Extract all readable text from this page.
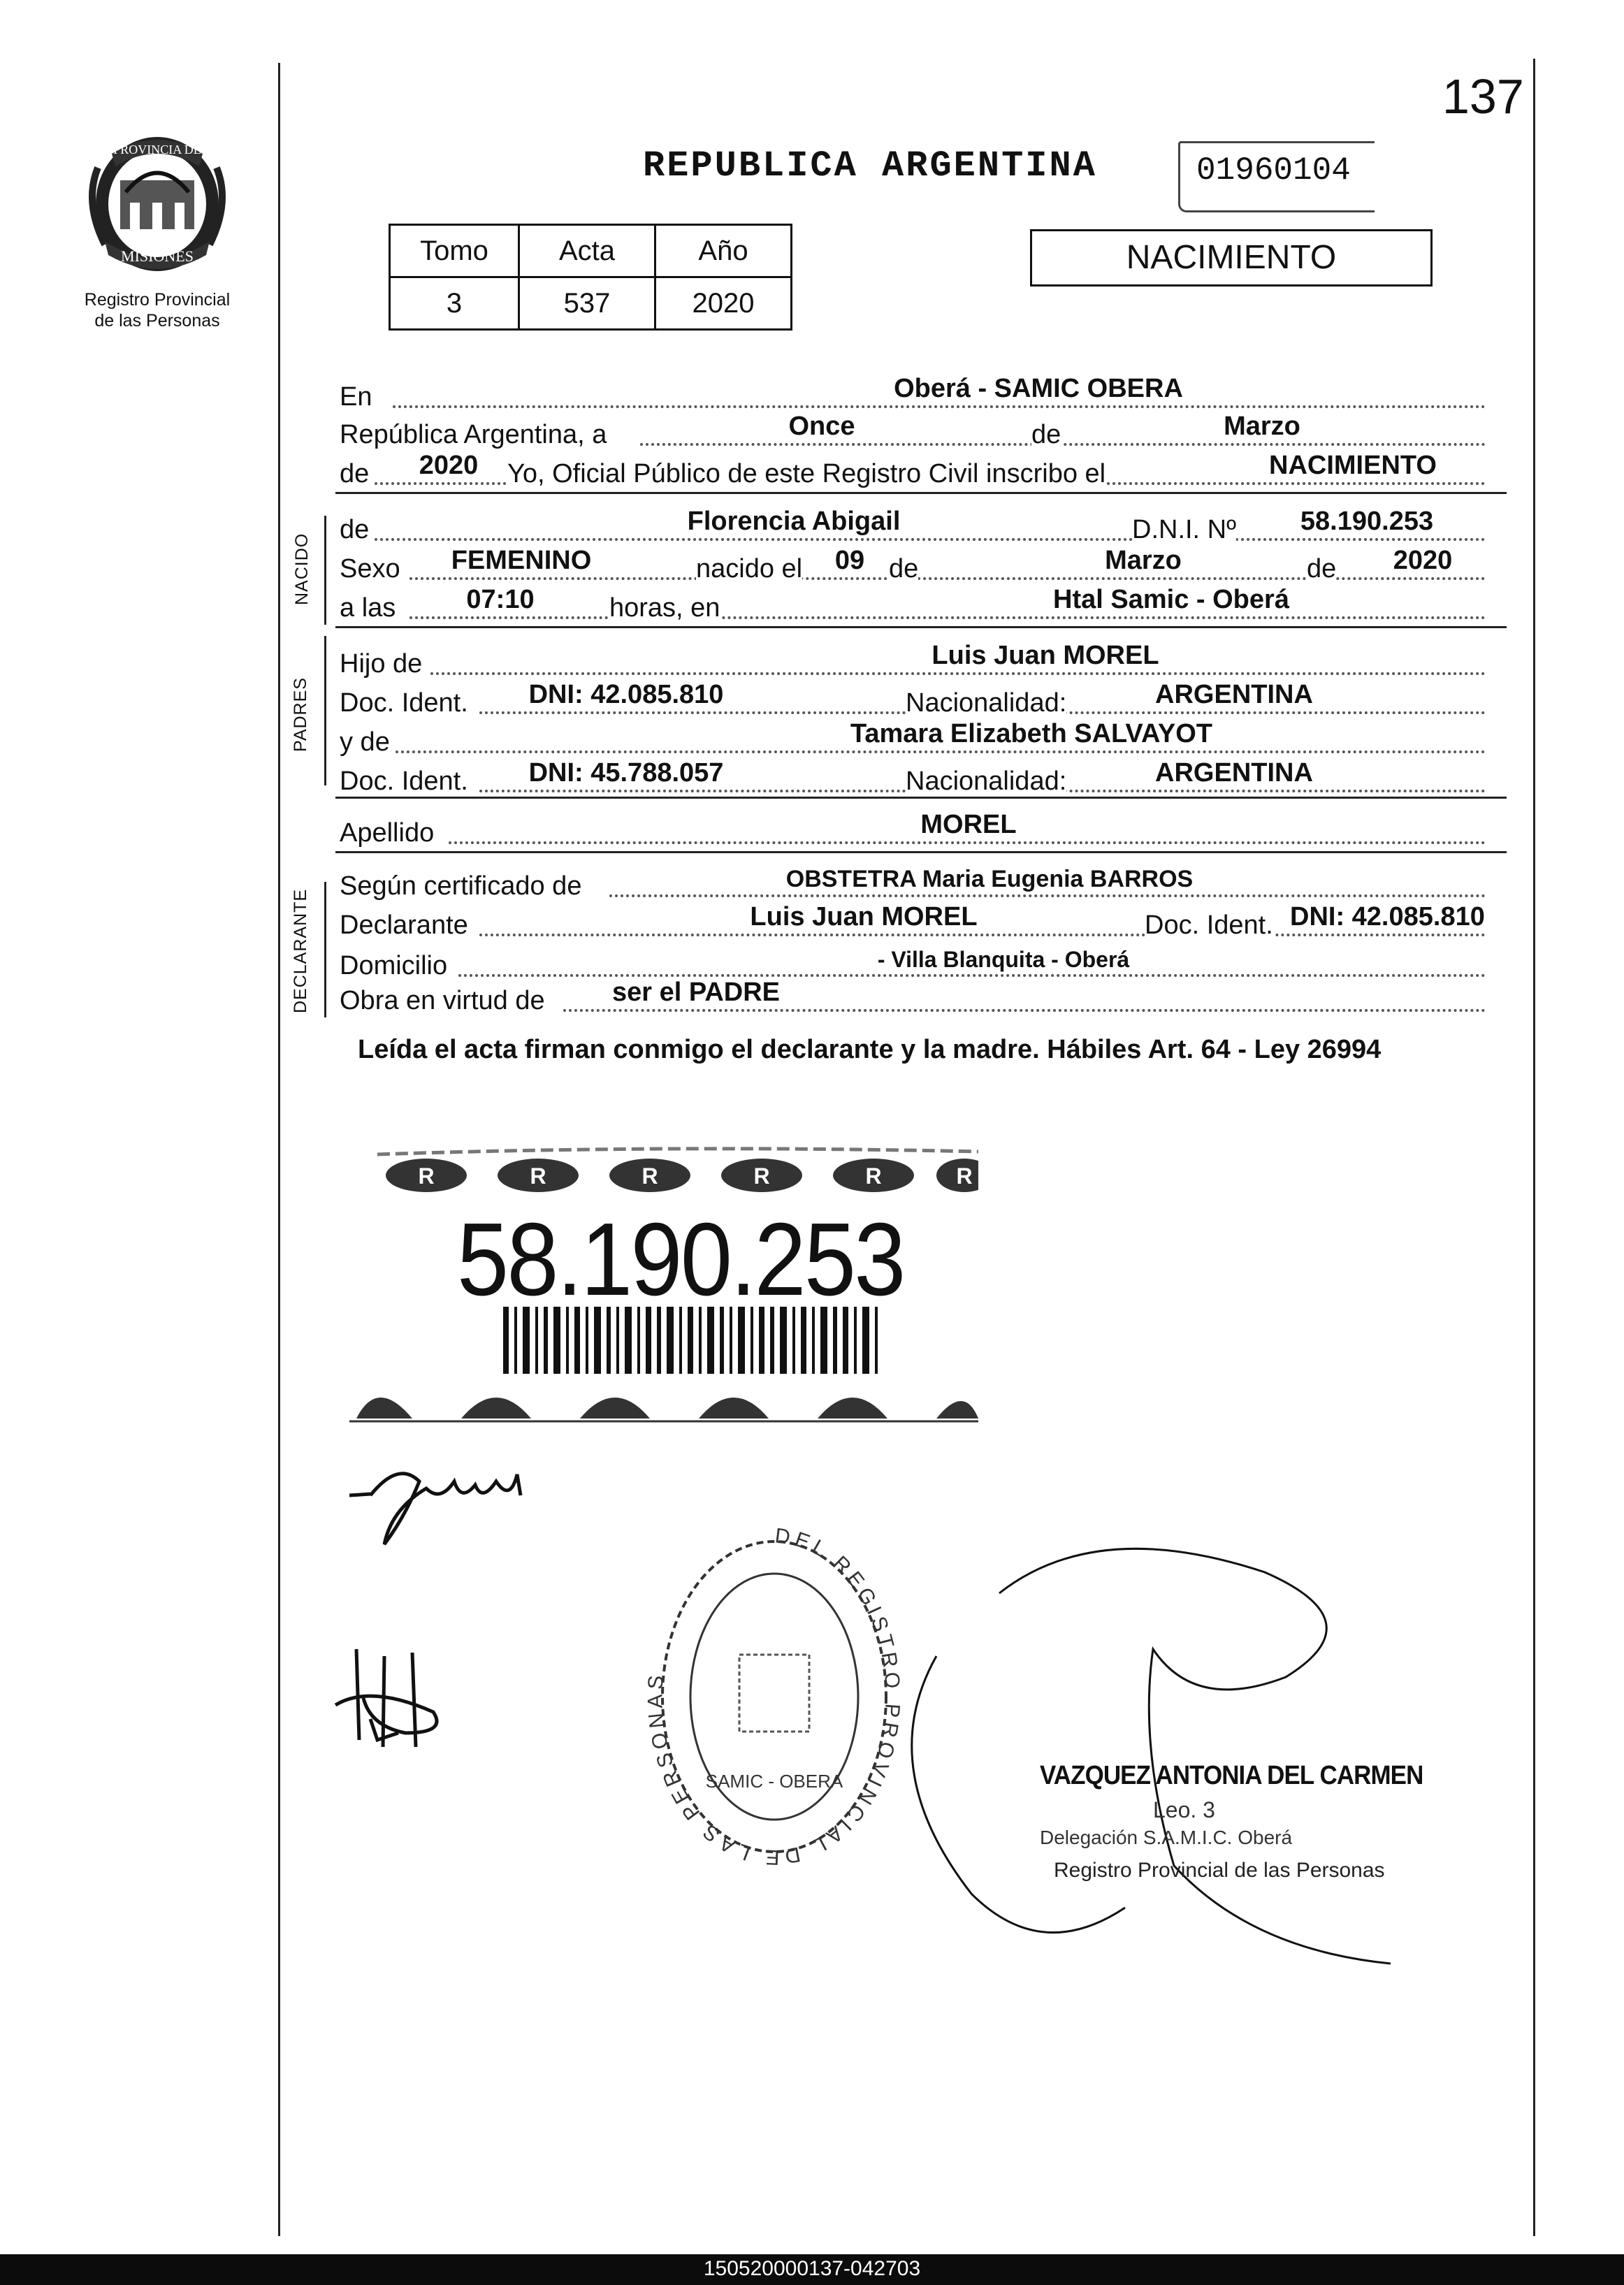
137
REPUBLICA ARGENTINA	01960104
PROVINCIA DE
MISIONES
Registro Provincial
de las Personas
Tomo	Acta	Año
3	537	2020
NACIMIENTO
En	Oberá - SAMIC OBERA
República Argentina, a	Once	de	Marzo
de	2020	Yo, Oficial Público de este Registro Civil inscribo el	NACIMIENTO
NACIDO
de	Florencia Abigail	D.N.I. Nº	58.190.253
Sexo	FEMENINO	nacido el	09 de	Marzo	de	2020
a las	07:10	horas, en	Htal Samic - Oberá
PADRES
Hijo de	Luis Juan MOREL
Doc. Ident.	DNI: 42.085.810	Nacionalidad:	ARGENTINA
y de	Tamara Elizabeth SALVAYOT
Doc. Ident.	DNI: 45.788.057	Nacionalidad:	ARGENTINA
Apellido	MOREL
DECLARANTE
Según certificado de	OBSTETRA Maria Eugenia BARROS
Declarante	Luis Juan MOREL	Doc. Ident. DNI: 42.085.810
Domicilio	- Villa Blanquita - Oberá
Obra en virtud de	ser el PADRE
Leída el acta firman conmigo el declarante y la madre. Hábiles Art. 64 - Ley 26994
R	R	R	R	R	R
58.190.253
DEL REGISTRO PROVINCIAL DE LAS PERSONAS
SAMIC - OBERA	VAZQUEZ ANTONIA DEL CARMEN
Leo. 3
Delegación S.A.M.I.C. Oberá
Registro Provincial de las Personas
150520000137-042703
